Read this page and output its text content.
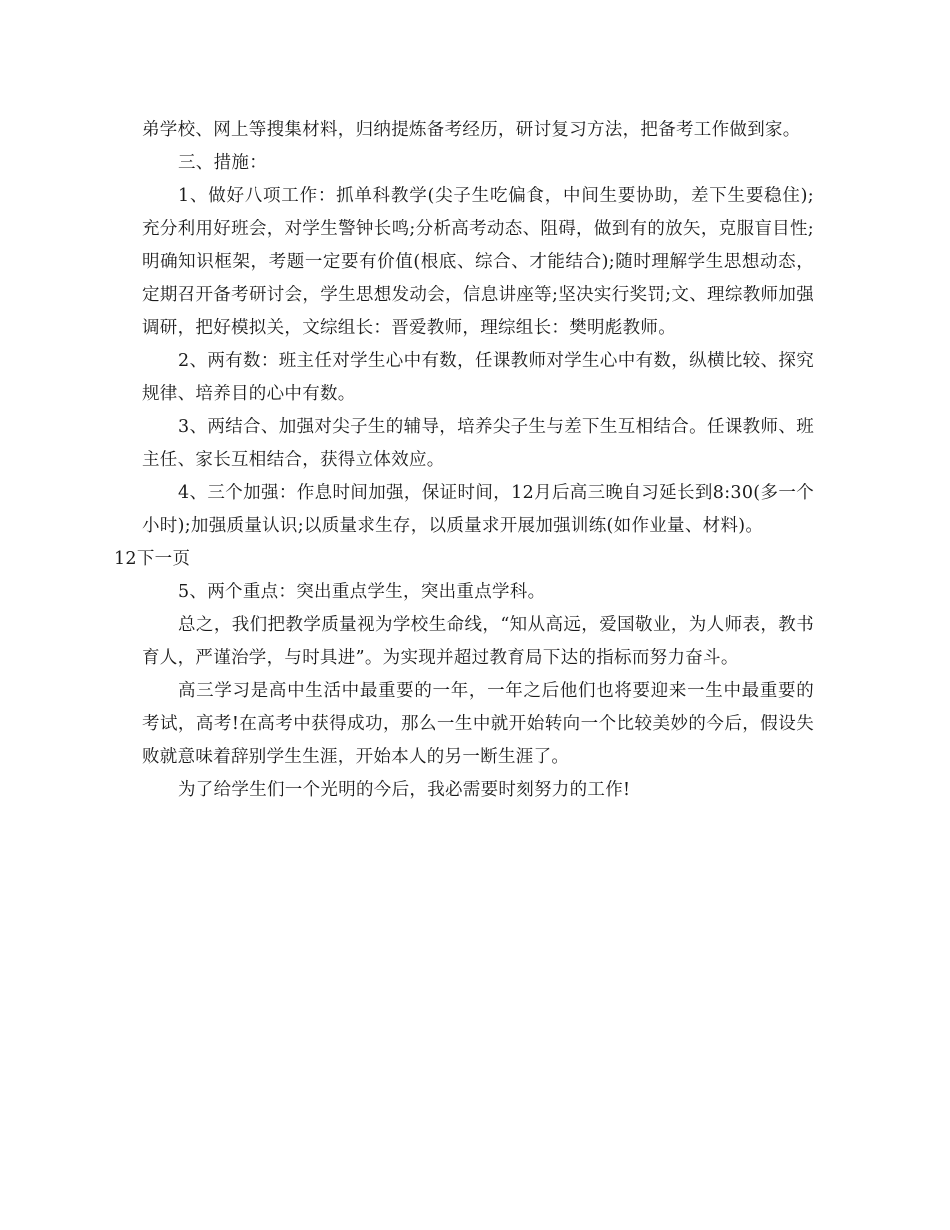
弟学校、网上等搜集材料，归纳提炼备考经历，研讨复习方法，把备考工作做到家。

三、措施：

1、做好八项工作：抓单科教学(尖子生吃偏食，中间生要协助，差下生要稳住);充分利用好班会，对学生警钟长鸣;分析高考动态、阻碍，做到有的放矢，克服盲目性;明确知识框架，考题一定要有价值(根底、综合、才能结合);随时理解学生思想动态，定期召开备考研讨会，学生思想发动会，信息讲座等;坚决实行奖罚;文、理综教师加强调研，把好模拟关，文综组长：晋爱教师，理综组长：樊明彪教师。

2、两有数：班主任对学生心中有数，任课教师对学生心中有数，纵横比较、探究规律、培养目的心中有数。

3、两结合、加强对尖子生的辅导，培养尖子生与差下生互相结合。任课教师、班主任、家长互相结合，获得立体效应。

4、三个加强：作息时间加强，保证时间，12月后高三晚自习延长到8:30(多一个小时);加强质量认识;以质量求生存，以质量求开展加强训练(如作业量、材料)。

12下一页

5、两个重点：突出重点学生，突出重点学科。

总之，我们把教学质量视为学校生命线，“知从高远，爱国敬业，为人师表，教书育人，严谨治学，与时具进”。为实现并超过教育局下达的指标而努力奋斗。

高三学习是高中生活中最重要的一年，一年之后他们也将要迎来一生中最重要的考试，高考!在高考中获得成功，那么一生中就开始转向一个比较美妙的今后，假设失败就意味着辞别学生生涯，开始本人的另一断生涯了。

为了给学生们一个光明的今后，我必需要时刻努力的工作!
